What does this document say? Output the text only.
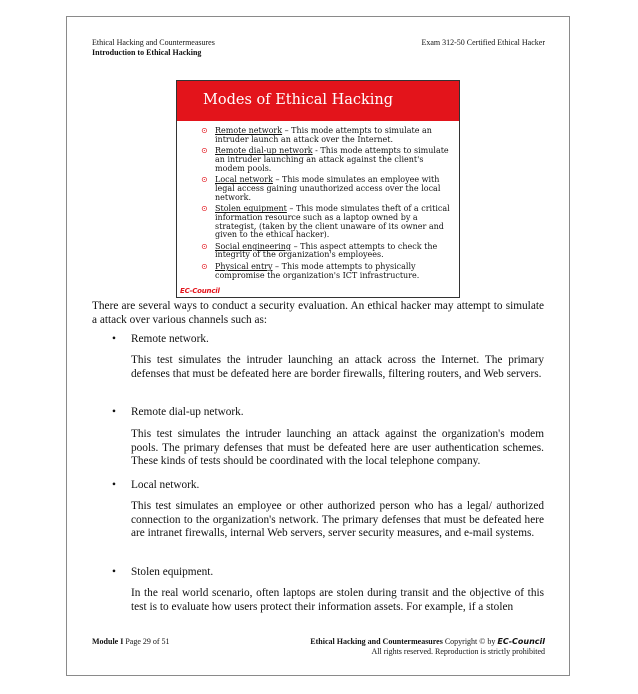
Ethical Hacking and Countermeasures
Introduction to Ethical Hacking
Exam 312-50 Certified Ethical Hacker
Modes of Ethical Hacking
⊙ Remote network – This mode attempts to simulate an intruder launch an attack over the Internet.
⊙ Remote dial-up network - This mode attempts to simulate an intruder launching an attack against the client's modem pools.
⊙ Local network – This mode simulates an employee with legal access gaining unauthorized access over the local network.
⊙ Stolen equipment – This mode simulates theft of a critical information resource such as a laptop owned by a strategist, (taken by the client unaware of its owner and given to the ethical hacker).
⊙ Social engineering – This aspect attempts to check the integrity of the organization's employees.
⊙ Physical entry – This mode attempts to physically compromise the organization's ICT infrastructure.
EC-Council
There are several ways to conduct a security evaluation. An ethical hacker may attempt to simulate a attack over various channels such as:
• Remote network.
This test simulates the intruder launching an attack across the Internet. The primary defenses that must be defeated here are border firewalls, filtering routers, and Web servers.
• Remote dial-up network.
This test simulates the intruder launching an attack against the organization's modem pools. The primary defenses that must be defeated here are user authentication schemes. These kinds of tests should be coordinated with the local telephone company.
• Local network.
This test simulates an employee or other authorized person who has a legal/ authorized connection to the organization's network. The primary defenses that must be defeated here are intranet firewalls, internal Web servers, server security measures, and e-mail systems.
• Stolen equipment.
In the real world scenario, often laptops are stolen during transit and the objective of this test is to evaluate how users protect their information assets. For example, if a stolen
Module I Page 29 of 51	Ethical Hacking and Countermeasures Copyright © by EC-Council
All rights reserved. Reproduction is strictly prohibited
